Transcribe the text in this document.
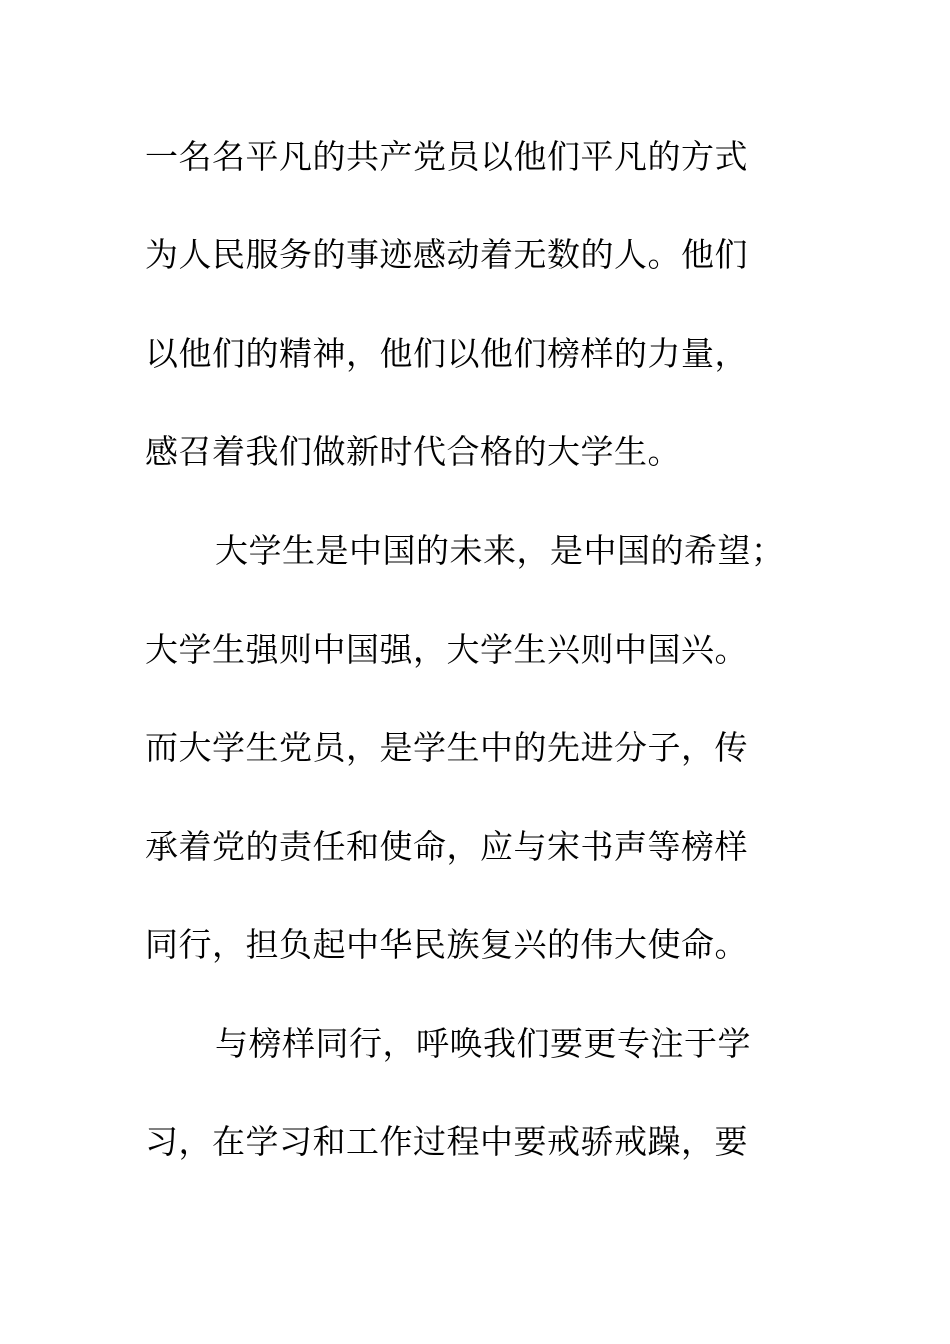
一名名平凡的共产党员以他们平凡的方式
为人民服务的事迹感动着无数的人。他们
以他们的精神，他们以他们榜样的力量，
感召着我们做新时代合格的大学生。
大学生是中国的未来，是中国的希望；
大学生强则中国强，大学生兴则中国兴。
而大学生党员，是学生中的先进分子，传
承着党的责任和使命，应与宋书声等榜样
同行，担负起中华民族复兴的伟大使命。
与榜样同行，呼唤我们要更专注于学
习，在学习和工作过程中要戒骄戒躁，要
